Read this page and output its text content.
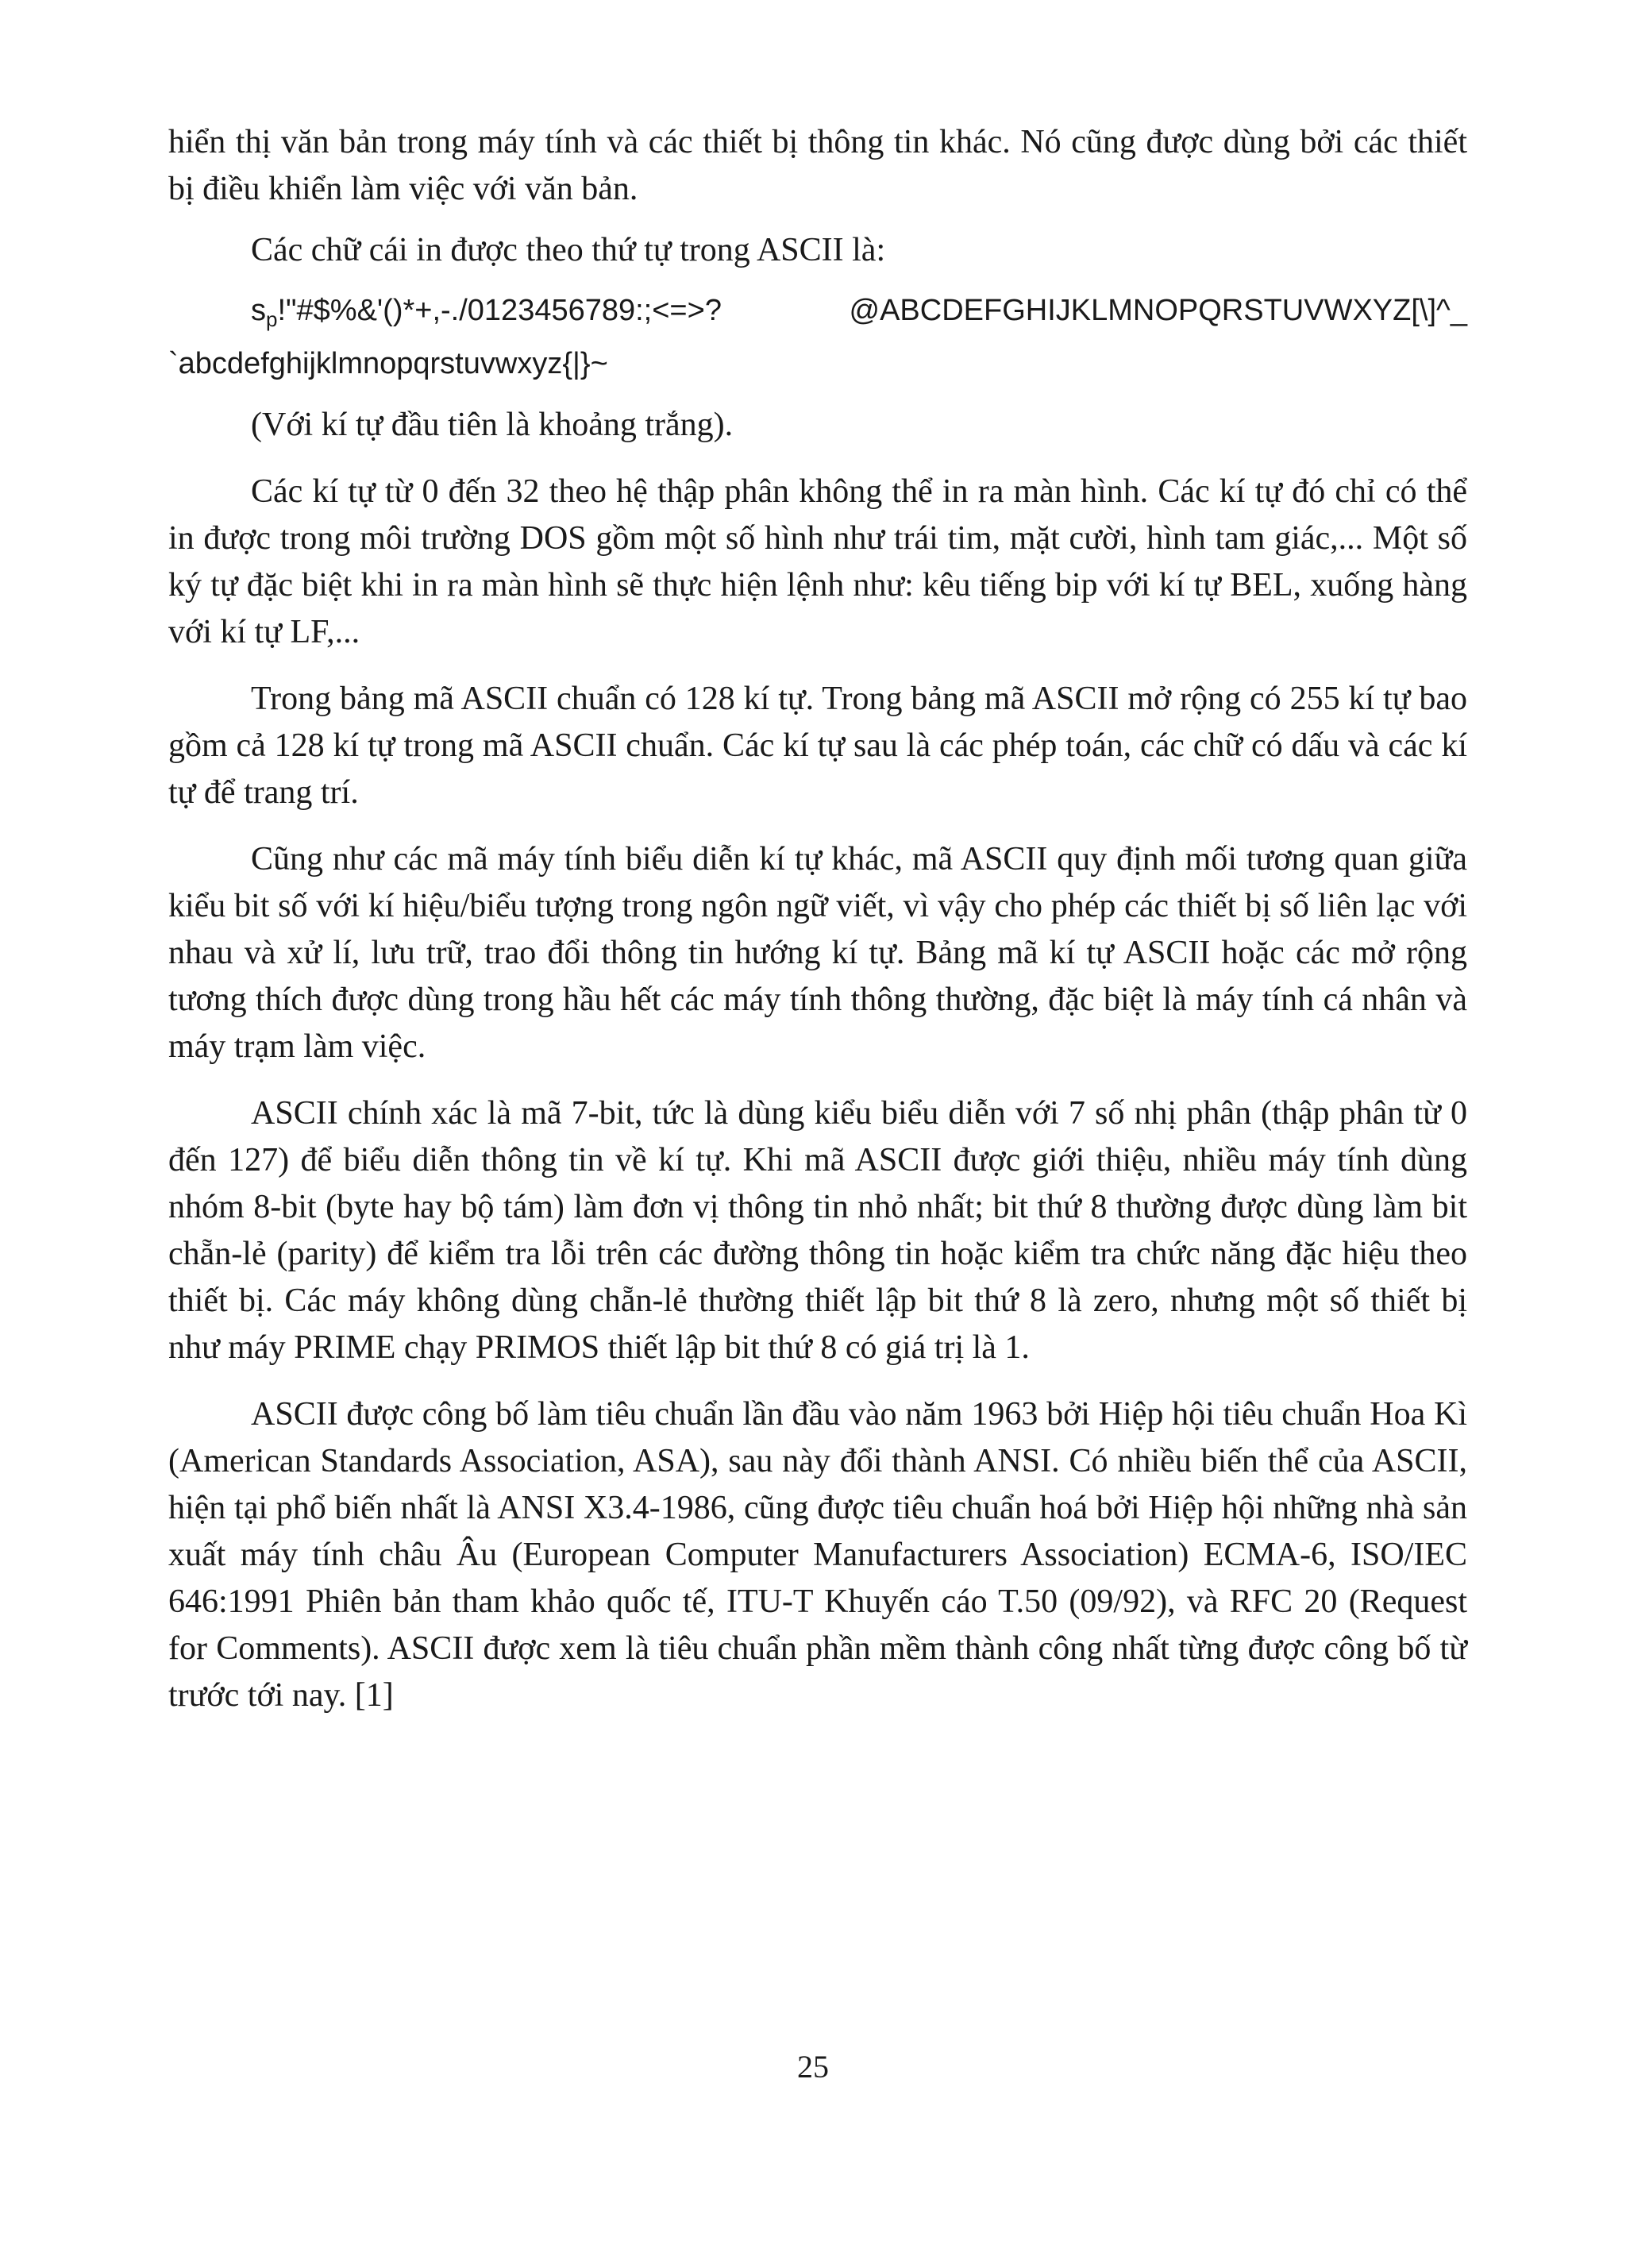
hiển thị văn bản trong máy tính và các thiết bị thông tin khác. Nó cũng được dùng bởi các thiết bị điều khiển làm việc với văn bản.

Các chữ cái in được theo thứ tự trong ASCII là:

$s_p!"\#\$\%\&'()*+,-./0123456789:;<=>$?	@ABCDEFGHIJKLMNOPQRSTUVWXYZ[\]^_
`abcdefghijklmnopqrstuvwxyz{|}~

(Với kí tự đầu tiên là khoảng trắng).

Các kí tự từ 0 đến 32 theo hệ thập phân không thể in ra màn hình. Các kí tự đó chỉ có thể in được trong môi trường DOS gồm một số hình như trái tim, mặt cười, hình tam giác,... Một số ký tự đặc biệt khi in ra màn hình sẽ thực hiện lệnh như: kêu tiếng bip với kí tự BEL, xuống hàng với kí tự LF,...

Trong bảng mã ASCII chuẩn có 128 kí tự. Trong bảng mã ASCII mở rộng có 255 kí tự bao gồm cả 128 kí tự trong mã ASCII chuẩn. Các kí tự sau là các phép toán, các chữ có dấu và các kí tự để trang trí.

Cũng như các mã máy tính biểu diễn kí tự khác, mã ASCII quy định mối tương quan giữa kiểu bit số với kí hiệu/biểu tượng trong ngôn ngữ viết, vì vậy cho phép các thiết bị số liên lạc với nhau và xử lí, lưu trữ, trao đổi thông tin hướng kí tự. Bảng mã kí tự ASCII hoặc các mở rộng tương thích được dùng trong hầu hết các máy tính thông thường, đặc biệt là máy tính cá nhân và máy trạm làm việc.

ASCII chính xác là mã 7-bit, tức là dùng kiểu biểu diễn với 7 số nhị phân (thập phân từ 0 đến 127) để biểu diễn thông tin về kí tự. Khi mã ASCII được giới thiệu, nhiều máy tính dùng nhóm 8-bit (byte hay bộ tám) làm đơn vị thông tin nhỏ nhất; bit thứ 8 thường được dùng làm bit chẵn-lẻ (parity) để kiểm tra lỗi trên các đường thông tin hoặc kiểm tra chức năng đặc hiệu theo thiết bị. Các máy không dùng chẵn-lẻ thường thiết lập bit thứ 8 là zero, nhưng một số thiết bị như máy PRIME chạy PRIMOS thiết lập bit thứ 8 có giá trị là 1.

ASCII được công bố làm tiêu chuẩn lần đầu vào năm 1963 bởi Hiệp hội tiêu chuẩn Hoa Kì (American Standards Association, ASA), sau này đổi thành ANSI. Có nhiều biến thể của ASCII, hiện tại phổ biến nhất là ANSI X3.4-1986, cũng được tiêu chuẩn hoá bởi Hiệp hội những nhà sản xuất máy tính châu Âu (European Computer Manufacturers Association) ECMA-6, ISO/IEC 646:1991 Phiên bản tham khảo quốc tế, ITU-T Khuyến cáo T.50 (09/92), và RFC 20 (Request for Comments). ASCII được xem là tiêu chuẩn phần mềm thành công nhất từng được công bố từ trước tới nay. [1]

25
